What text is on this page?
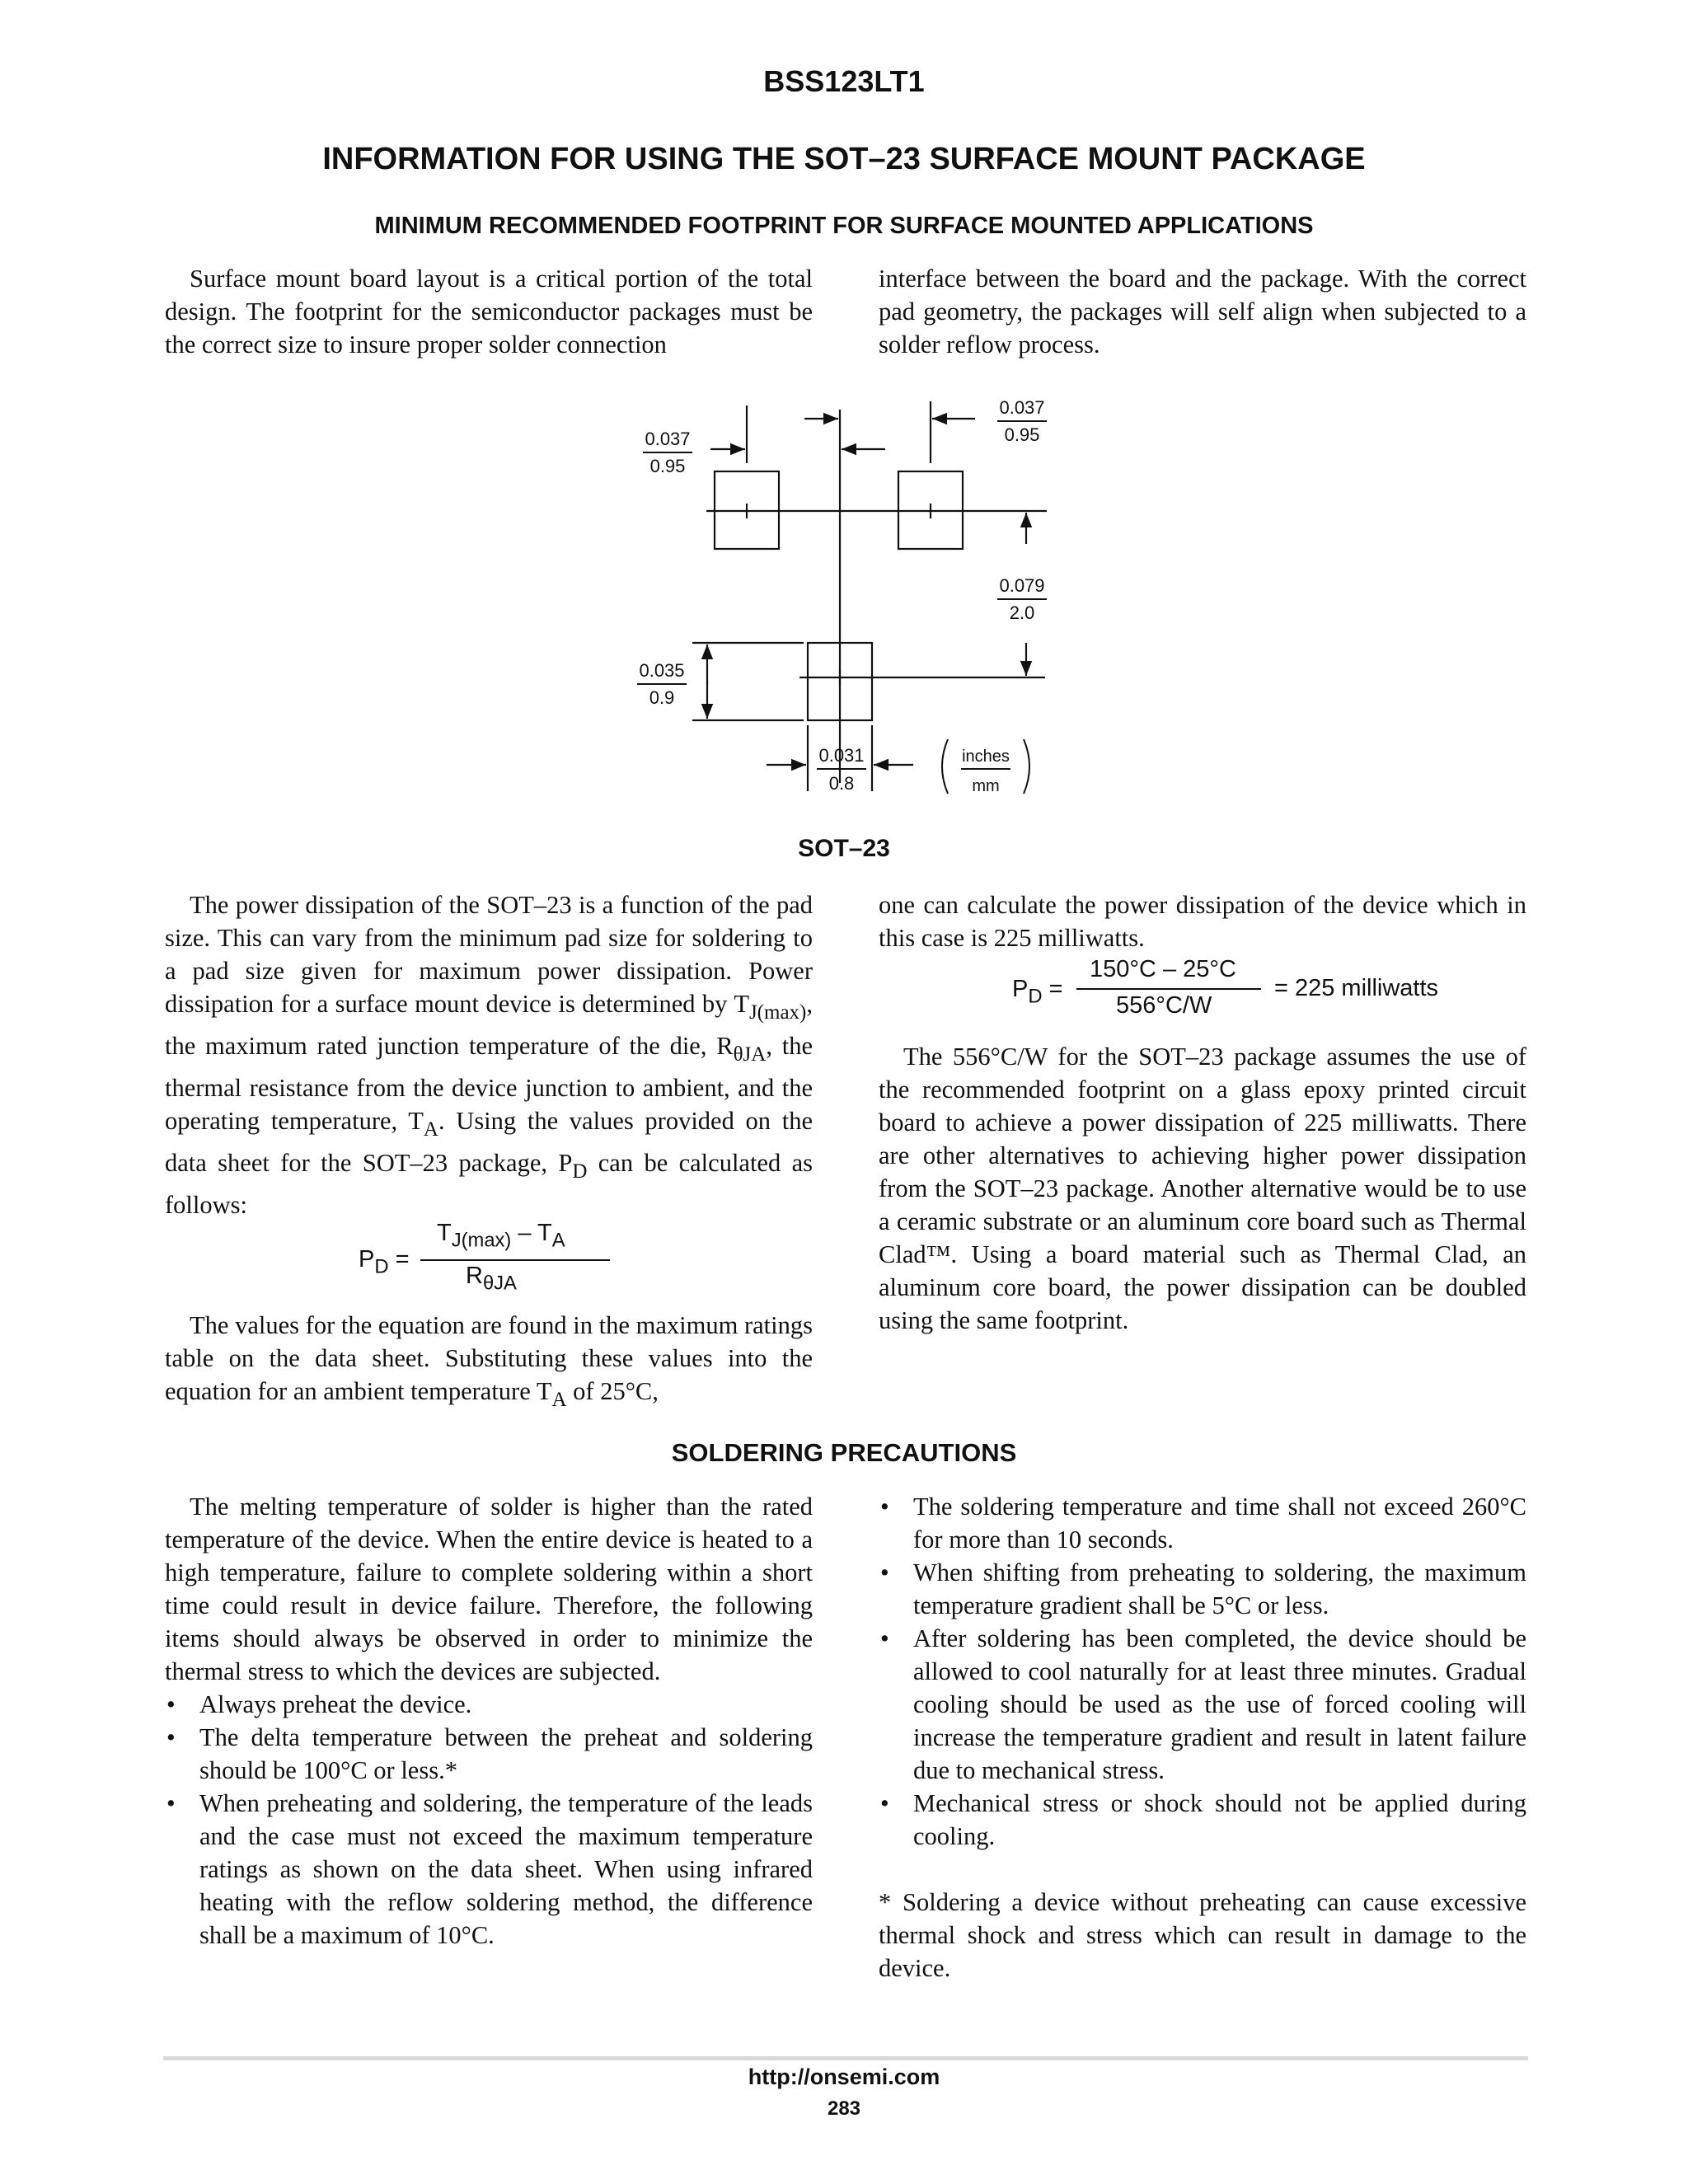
BSS123LT1
INFORMATION FOR USING THE SOT–23 SURFACE MOUNT PACKAGE
MINIMUM RECOMMENDED FOOTPRINT FOR SURFACE MOUNTED APPLICATIONS

Surface mount board layout is a critical portion of the total design. The footprint for the semiconductor packages must be the correct size to insure proper solder connection

interface between the board and the package. With the correct pad geometry, the packages will self align when subjected to a solder reflow process.

0.037
0.95
0.037
0.95
0.079
2.0
0.035
0.9
0.031
0.8
inches
mm
SOT–23

The power dissipation of the SOT–23 is a function of the pad size. This can vary from the minimum pad size for soldering to a pad size given for maximum power dissipation. Power dissipation for a surface mount device is determined by $T_{J(max)}$, the maximum rated junction temperature of the die, $R_{\theta JA}$, the thermal resistance from the device junction to ambient, and the operating temperature, $T_A$. Using the values provided on the data sheet for the SOT–23 package, $P_D$ can be calculated as follows:

$P_D$ =
$T_{J(max)} - T_A$
$R_{\theta JA}$

The values for the equation are found in the maximum ratings table on the data sheet. Substituting these values into the equation for an ambient temperature $T_A$ of 25°C,

one can calculate the power dissipation of the device which in this case is 225 milliwatts.

$P_D$ =
150°C – 25°C
556°C/W
= 225 milliwatts

The 556°C/W for the SOT–23 package assumes the use of the recommended footprint on a glass epoxy printed circuit board to achieve a power dissipation of 225 milliwatts. There are other alternatives to achieving higher power dissipation from the SOT–23 package. Another alternative would be to use a ceramic substrate or an aluminum core board such as Thermal Clad™. Using a board material such as Thermal Clad, an aluminum core board, the power dissipation can be doubled using the same footprint.

SOLDERING PRECAUTIONS

The melting temperature of solder is higher than the rated temperature of the device. When the entire device is heated to a high temperature, failure to complete soldering within a short time could result in device failure. Therefore, the following items should always be observed in order to minimize the thermal stress to which the devices are subjected.

• Always preheat the device.

• The delta temperature between the preheat and soldering should be 100°C or less.*

• When preheating and soldering, the temperature of the leads and the case must not exceed the maximum temperature ratings as shown on the data sheet. When using infrared heating with the reflow soldering method, the difference shall be a maximum of 10°C.

• The soldering temperature and time shall not exceed 260°C for more than 10 seconds.

• When shifting from preheating to soldering, the maximum temperature gradient shall be 5°C or less.

• After soldering has been completed, the device should be allowed to cool naturally for at least three minutes. Gradual cooling should be used as the use of forced cooling will increase the temperature gradient and result in latent failure due to mechanical stress.

• Mechanical stress or shock should not be applied during cooling.

* Soldering a device without preheating can cause excessive thermal shock and stress which can result in damage to the device.

http://onsemi.com
283
